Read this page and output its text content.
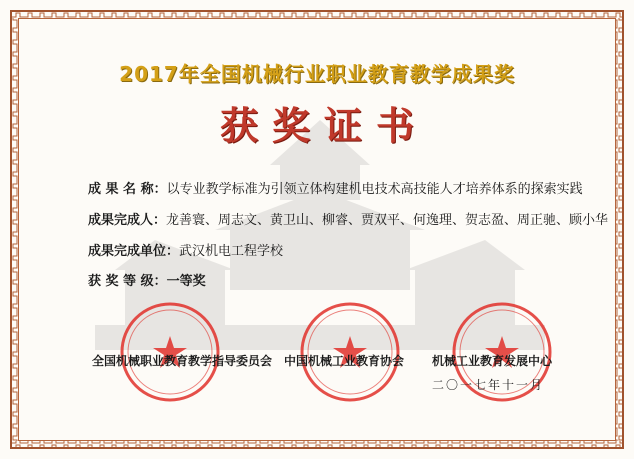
2017年全国机械行业职业教育教学成果奖
获奖证书
成 果 名 称：以专业教学标准为引领立体构建机电技术高技能人才培养体系的探索实践
成果完成人：龙善寰、周志文、黄卫山、柳睿、贾双平、何逸理、贺志盈、周正驰、顾小华
成果完成单位：武汉机电工程学校
获 奖 等 级：一等奖
全国机械职业教育教学指导委员会 中国机械工业教育协会 机械工业教育发展中心
二〇一七年十一月
